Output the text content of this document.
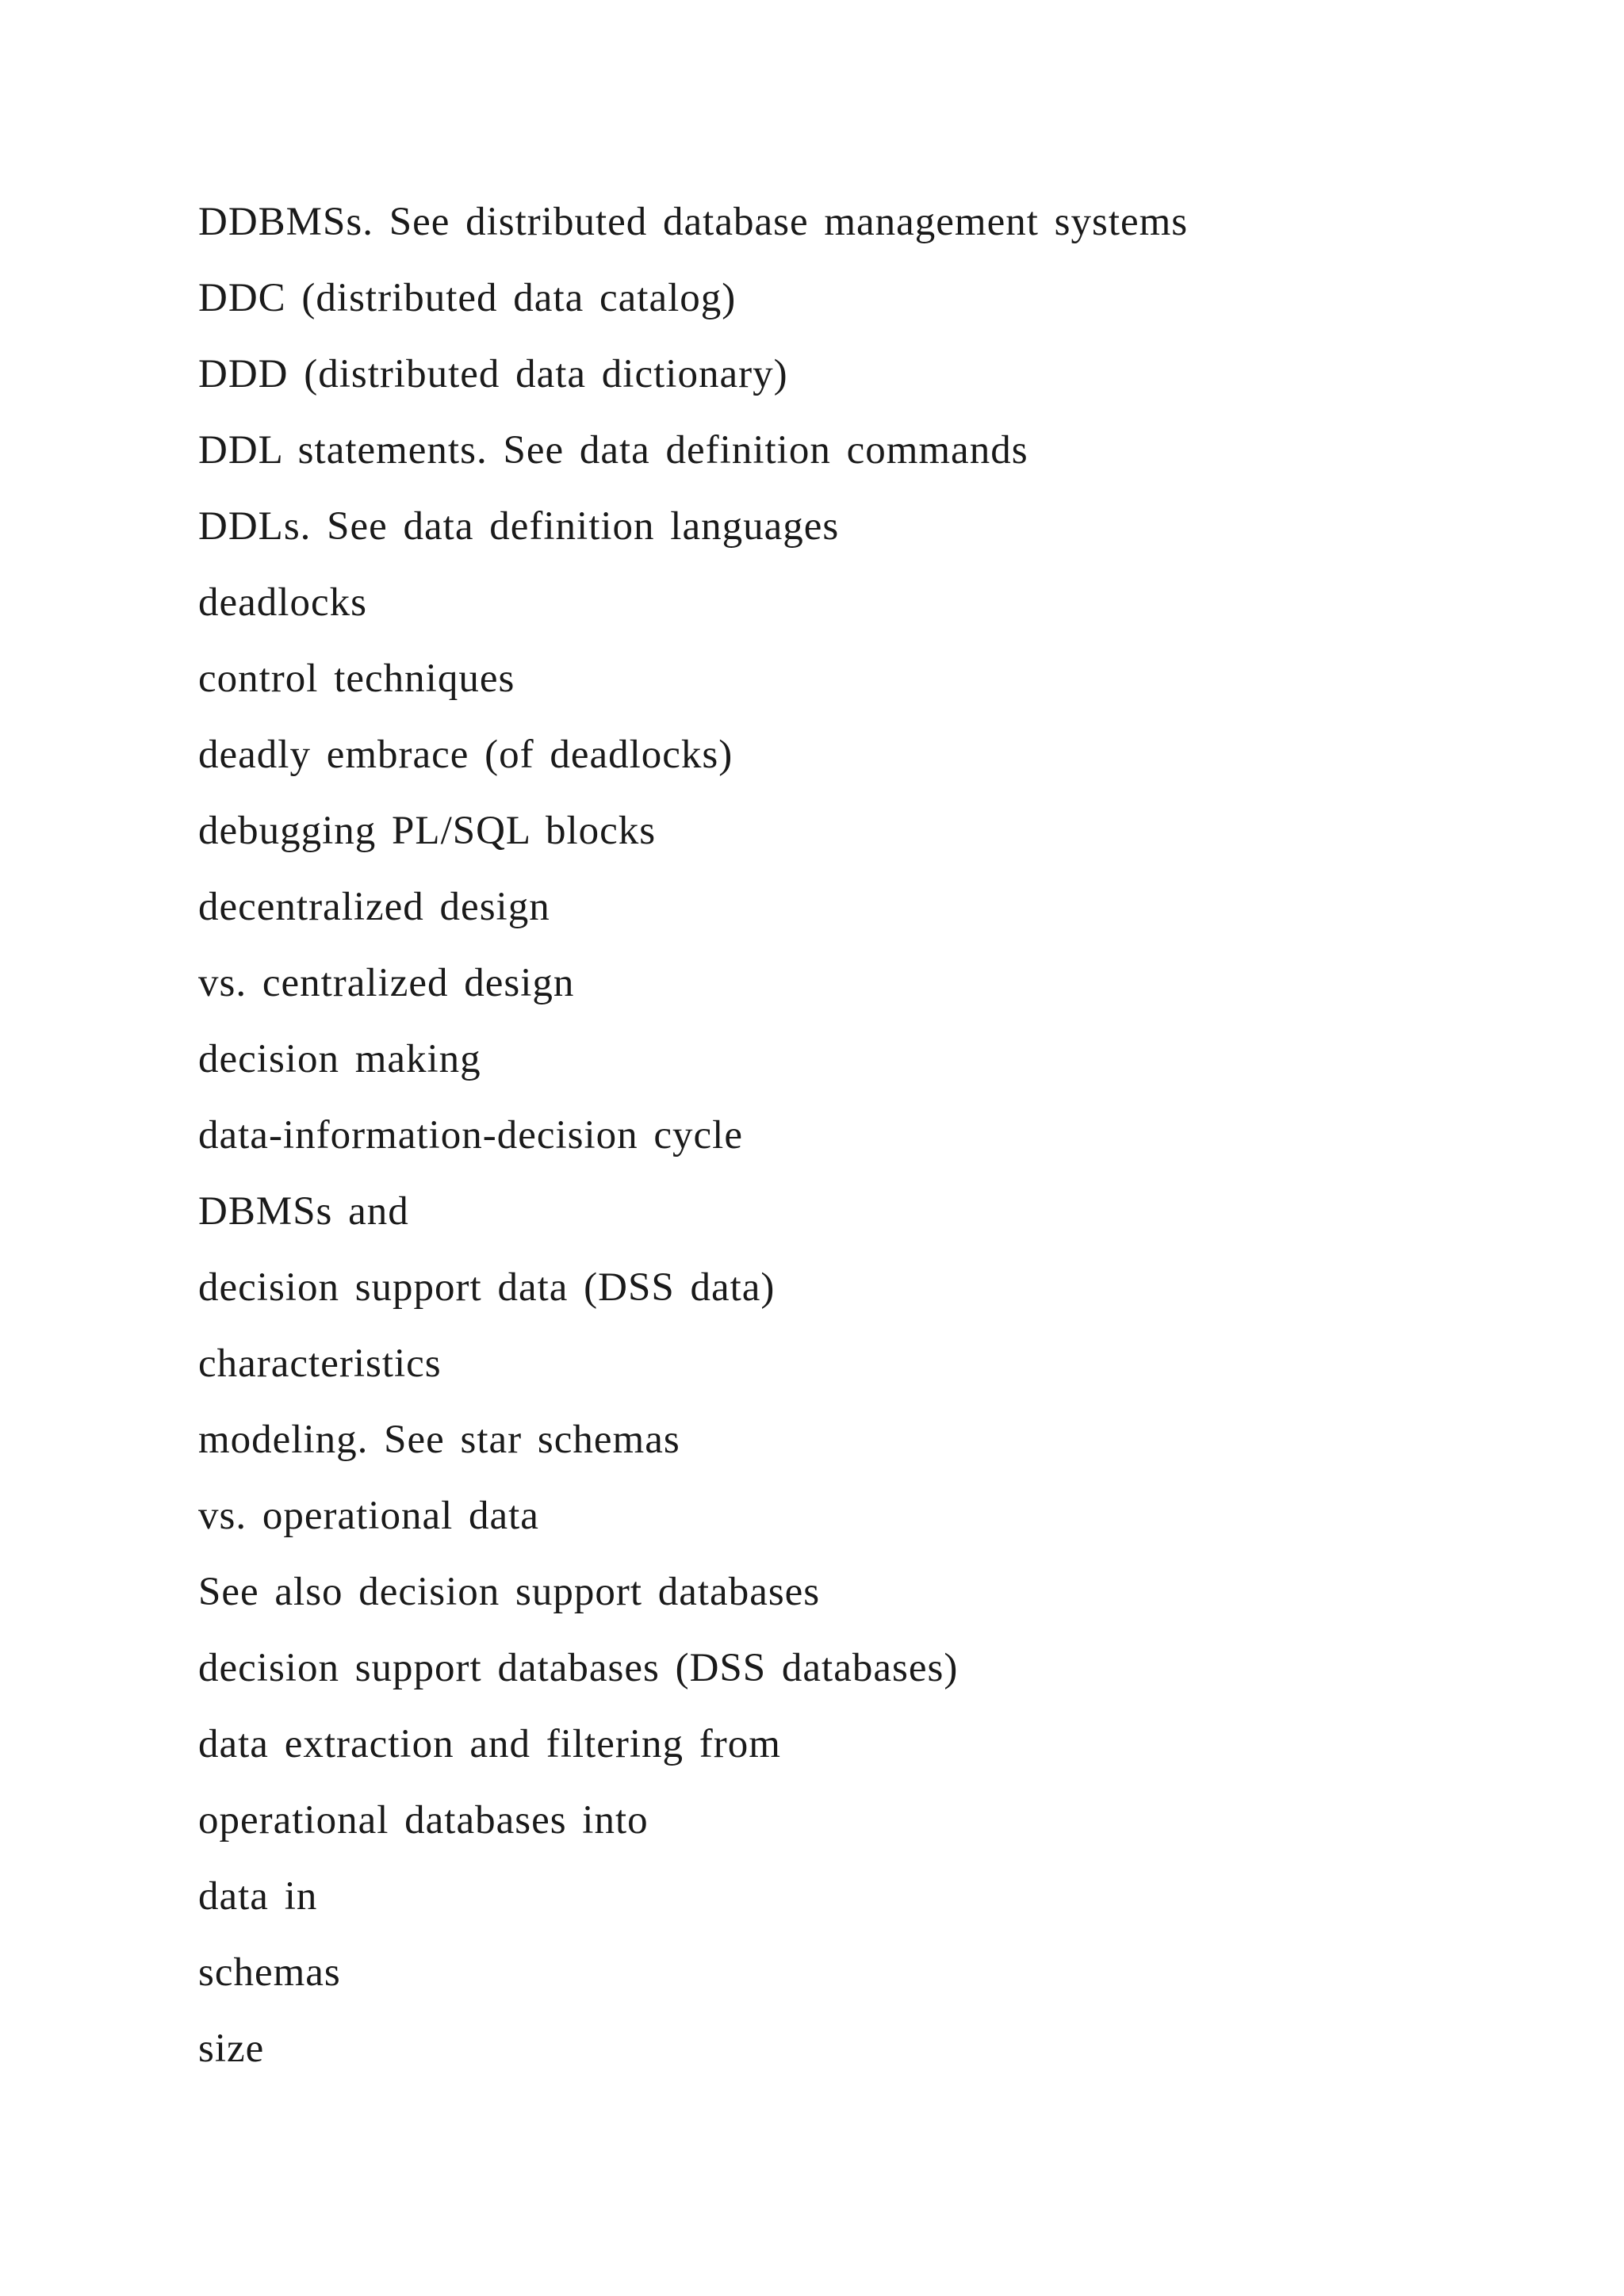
DDBMSs. See distributed database management systems
DDC (distributed data catalog)
DDD (distributed data dictionary)
DDL statements. See data definition commands
DDLs. See data definition languages
deadlocks
control techniques
deadly embrace (of deadlocks)
debugging PL/SQL blocks
decentralized design
vs. centralized design
decision making
data-information-decision cycle
DBMSs and
decision support data (DSS data)
characteristics
modeling. See star schemas
vs. operational data
See also decision support databases
decision support databases (DSS databases)
data extraction and filtering from
operational databases into
data in
schemas
size
